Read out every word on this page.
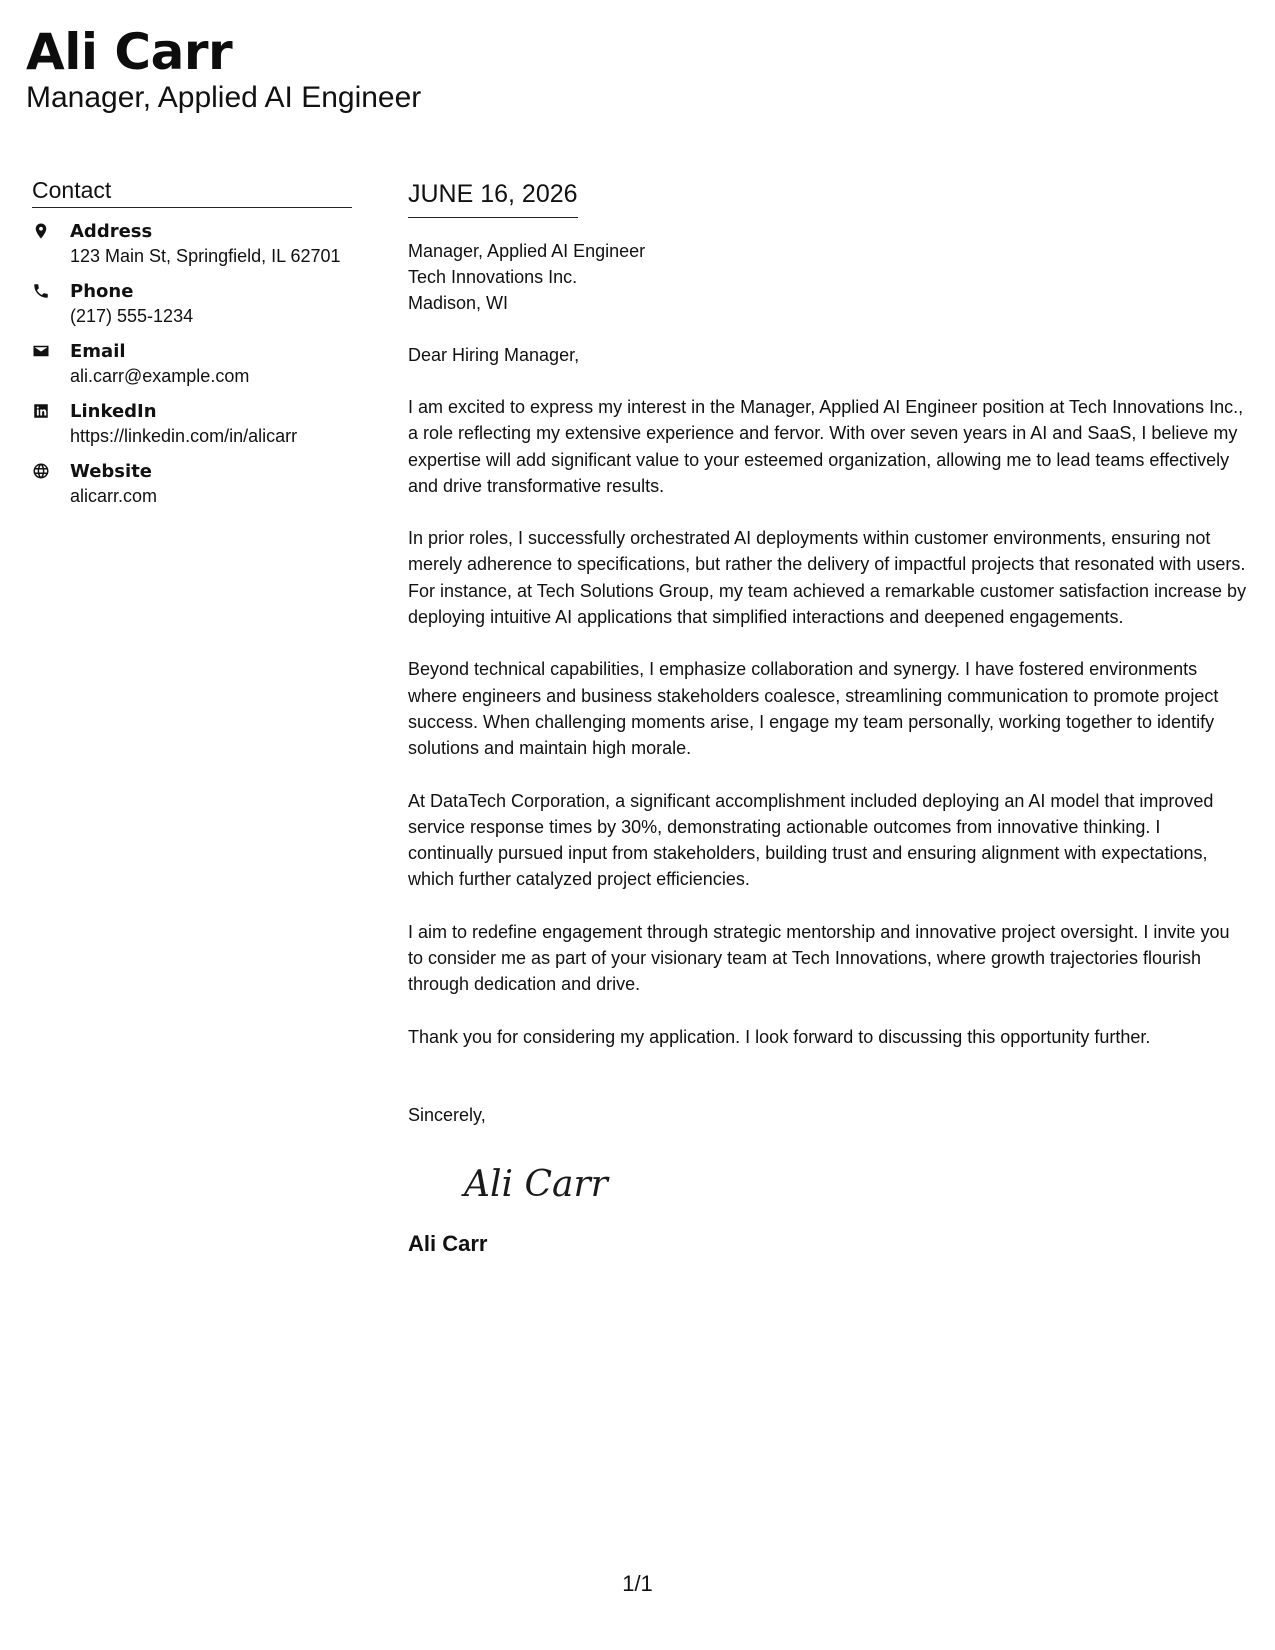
Ali Carr
Manager, Applied AI Engineer
Contact
Address
123 Main St, Springfield, IL 62701
Phone
(217) 555-1234
Email
ali.carr@example.com
LinkedIn
https://linkedin.com/in/alicarr
Website
alicarr.com
JUNE 16, 2026
Manager, Applied AI Engineer
Tech Innovations Inc.
Madison, WI

Dear Hiring Manager,

I am excited to express my interest in the Manager, Applied AI Engineer position at Tech Innovations Inc., a role reflecting my extensive experience and fervor. With over seven years in AI and SaaS, I believe my expertise will add significant value to your esteemed organization, allowing me to lead teams effectively and drive transformative results.

In prior roles, I successfully orchestrated AI deployments within customer environments, ensuring not merely adherence to specifications, but rather the delivery of impactful projects that resonated with users. For instance, at Tech Solutions Group, my team achieved a remarkable customer satisfaction increase by deploying intuitive AI applications that simplified interactions and deepened engagements.

Beyond technical capabilities, I emphasize collaboration and synergy. I have fostered environments where engineers and business stakeholders coalesce, streamlining communication to promote project success. When challenging moments arise, I engage my team personally, working together to identify solutions and maintain high morale.

At DataTech Corporation, a significant accomplishment included deploying an AI model that improved service response times by 30%, demonstrating actionable outcomes from innovative thinking. I continually pursued input from stakeholders, building trust and ensuring alignment with expectations, which further catalyzed project efficiencies.

I aim to redefine engagement through strategic mentorship and innovative project oversight. I invite you to consider me as part of your visionary team at Tech Innovations, where growth trajectories flourish through dedication and drive.

Thank you for considering my application. I look forward to discussing this opportunity further.

Sincerely,

Ali Carr
Ali Carr
1/1
